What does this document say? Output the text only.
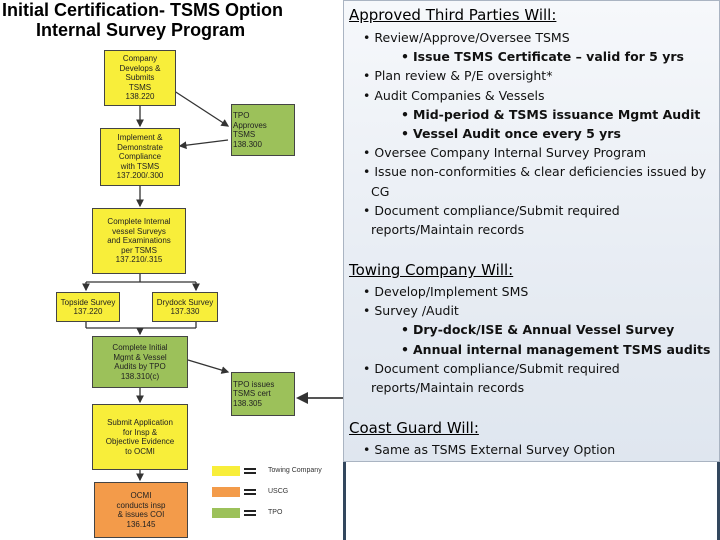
Initial Certification- TSMS Option
Internal Survey Program
Company
Develops &
Submits
TSMS
138.220
TPO
Approves
TSMS
138.300
Implement &
Demonstrate
Compliance
with TSMS
137.200/.300
Complete Internal
vessel Surveys
and Examinations
per TSMS
137.210/.315
Topside Survey
137.220
Drydock Survey
137.330
Complete Initial
Mgmt & Vessel
Audits by TPO
138.310(c)
TPO issues
TSMS cert
138.305
Submit Application
for Insp &
Objective Evidence
to OCMI
OCMI
conducts insp
& issues COI
136.145
Towing Company
USCG
TPO
Approved Third Parties Will:
• Review/Approve/Oversee TSMS
• Issue TSMS Certificate – valid for 5 yrs
• Plan review & P/E oversight*
• Audit Companies & Vessels
• Mid-period & TSMS issuance Mgmt Audit
• Vessel Audit once every 5 yrs
• Oversee Company Internal Survey Program
• Issue non-conformities & clear deficiencies issued by
CG
• Document compliance/Submit required
reports/Maintain records
Towing Company Will:
• Develop/Implement SMS
• Survey /Audit
• Dry-dock/ISE & Annual Vessel Survey
• Annual internal management TSMS audits
• Document compliance/Submit required
reports/Maintain records
Coast Guard Will:
• Same as TSMS External Survey Option
